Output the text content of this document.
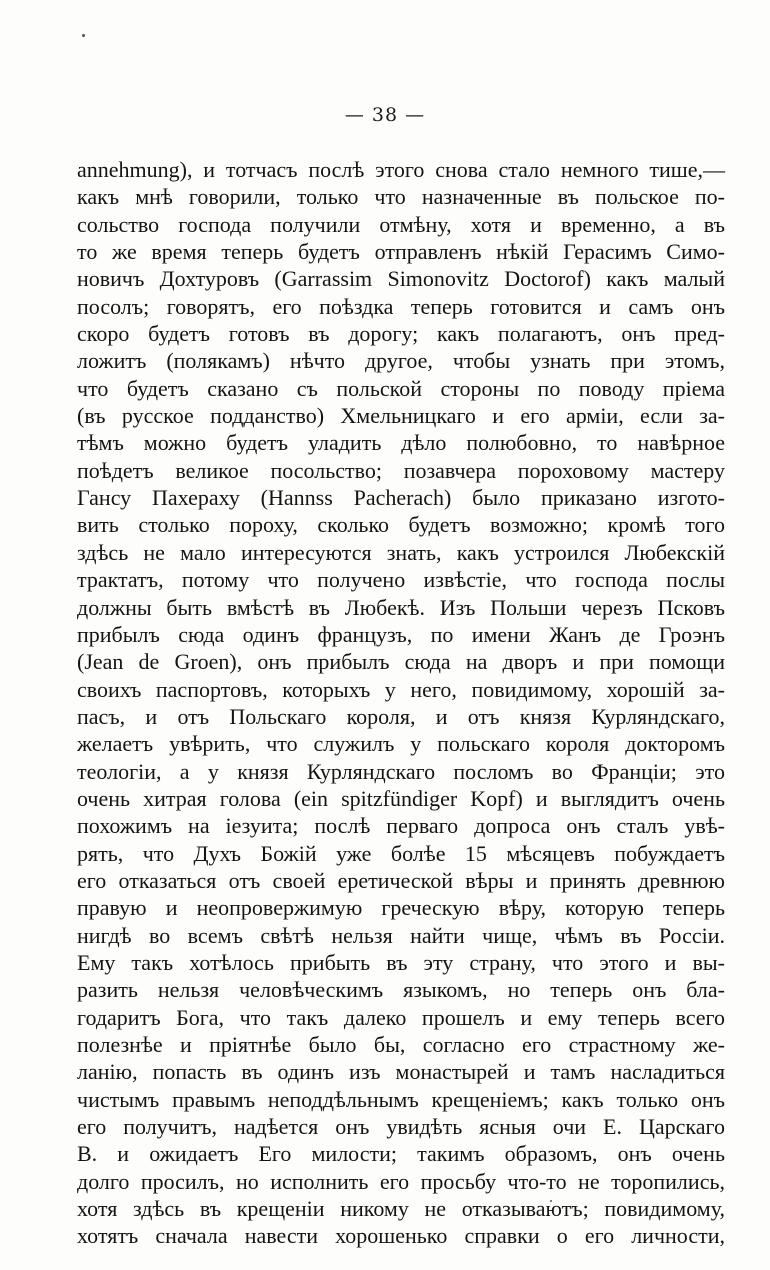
— 38 —
annehmung), и тотчасъ послѣ этого снова стало немного тише,—
какъ мнѣ говорили, только что назначенные въ польское по-
сольство господа получили отмѣну, хотя и временно, а въ
то же время теперь будетъ отправленъ нѣкій Герасимъ Симо-
новичъ Дохтуровъ (Garrassim Simonovitz Doctorof) какъ малый
посолъ; говорятъ, его поѣздка теперь готовится и самъ онъ
скоро будетъ готовъ въ дорогу; какъ полагаютъ, онъ пред-
ложитъ (полякамъ) нѣчто другое, чтобы узнать при этомъ,
что будетъ сказано съ польской стороны по поводу пріема
(въ русское подданство) Хмельницкаго и его арміи, если за-
тѣмъ можно будетъ уладить дѣло полюбовно, то навѣрное
поѣдетъ великое посольство; позавчера пороховому мастеру
Гансу Пахераху (Hannss Pacherach) было приказано изгото-
вить столько пороху, сколько будетъ возможно; кромѣ того
здѣсь не мало интересуются знать, какъ устроился Любекскій
трактатъ, потому что получено извѣстіе, что господа послы
должны быть вмѣстѣ въ Любекѣ. Изъ Польши черезъ Псковъ
прибылъ сюда одинъ французъ, по имени Жанъ де Гроэнъ
(Jean de Groen), онъ прибылъ сюда на дворъ и при помощи
своихъ паспортовъ, которыхъ у него, повидимому, хорошій за-
пасъ, и отъ Польскаго короля, и отъ князя Курляндскаго,
желаетъ увѣрить, что служилъ у польскаго короля докторомъ
теологіи, а у князя Курляндскаго посломъ во Франціи; это
очень хитрая голова (ein spitzfündiger Kopf) и выглядитъ очень
похожимъ на іезуита; послѣ перваго допроса онъ сталъ увѣ-
рять, что Духъ Божій уже болѣе 15 мѣсяцевъ побуждаетъ
его отказаться отъ своей еретической вѣры и принять древнюю
правую и неопровержимую греческую вѣру, которую теперь
нигдѣ во всемъ свѣтѣ нельзя найти чище, чѣмъ въ Россіи.
Ему такъ хотѣлось прибыть въ эту страну, что этого и вы-
разить нельзя человѣческимъ языкомъ, но теперь онъ бла-
годаритъ Бога, что такъ далеко прошелъ и ему теперь всего
полезнѣе и пріятнѣе было бы, согласно его страстному же-
ланію, попасть въ одинъ изъ монастырей и тамъ насладиться
чистымъ правымъ неподдѣльнымъ крещеніемъ; какъ только онъ
его получитъ, надѣется онъ увидѣть ясныя очи Е. Царскаго
В. и ожидаетъ Его милости; такимъ образомъ, онъ очень
долго просилъ, но исполнить его просьбу что-то не торопились,
хотя здѣсь въ крещеніи никому не отказываютъ; повидимому,
хотятъ сначала навести хорошенько справки о его личности,
